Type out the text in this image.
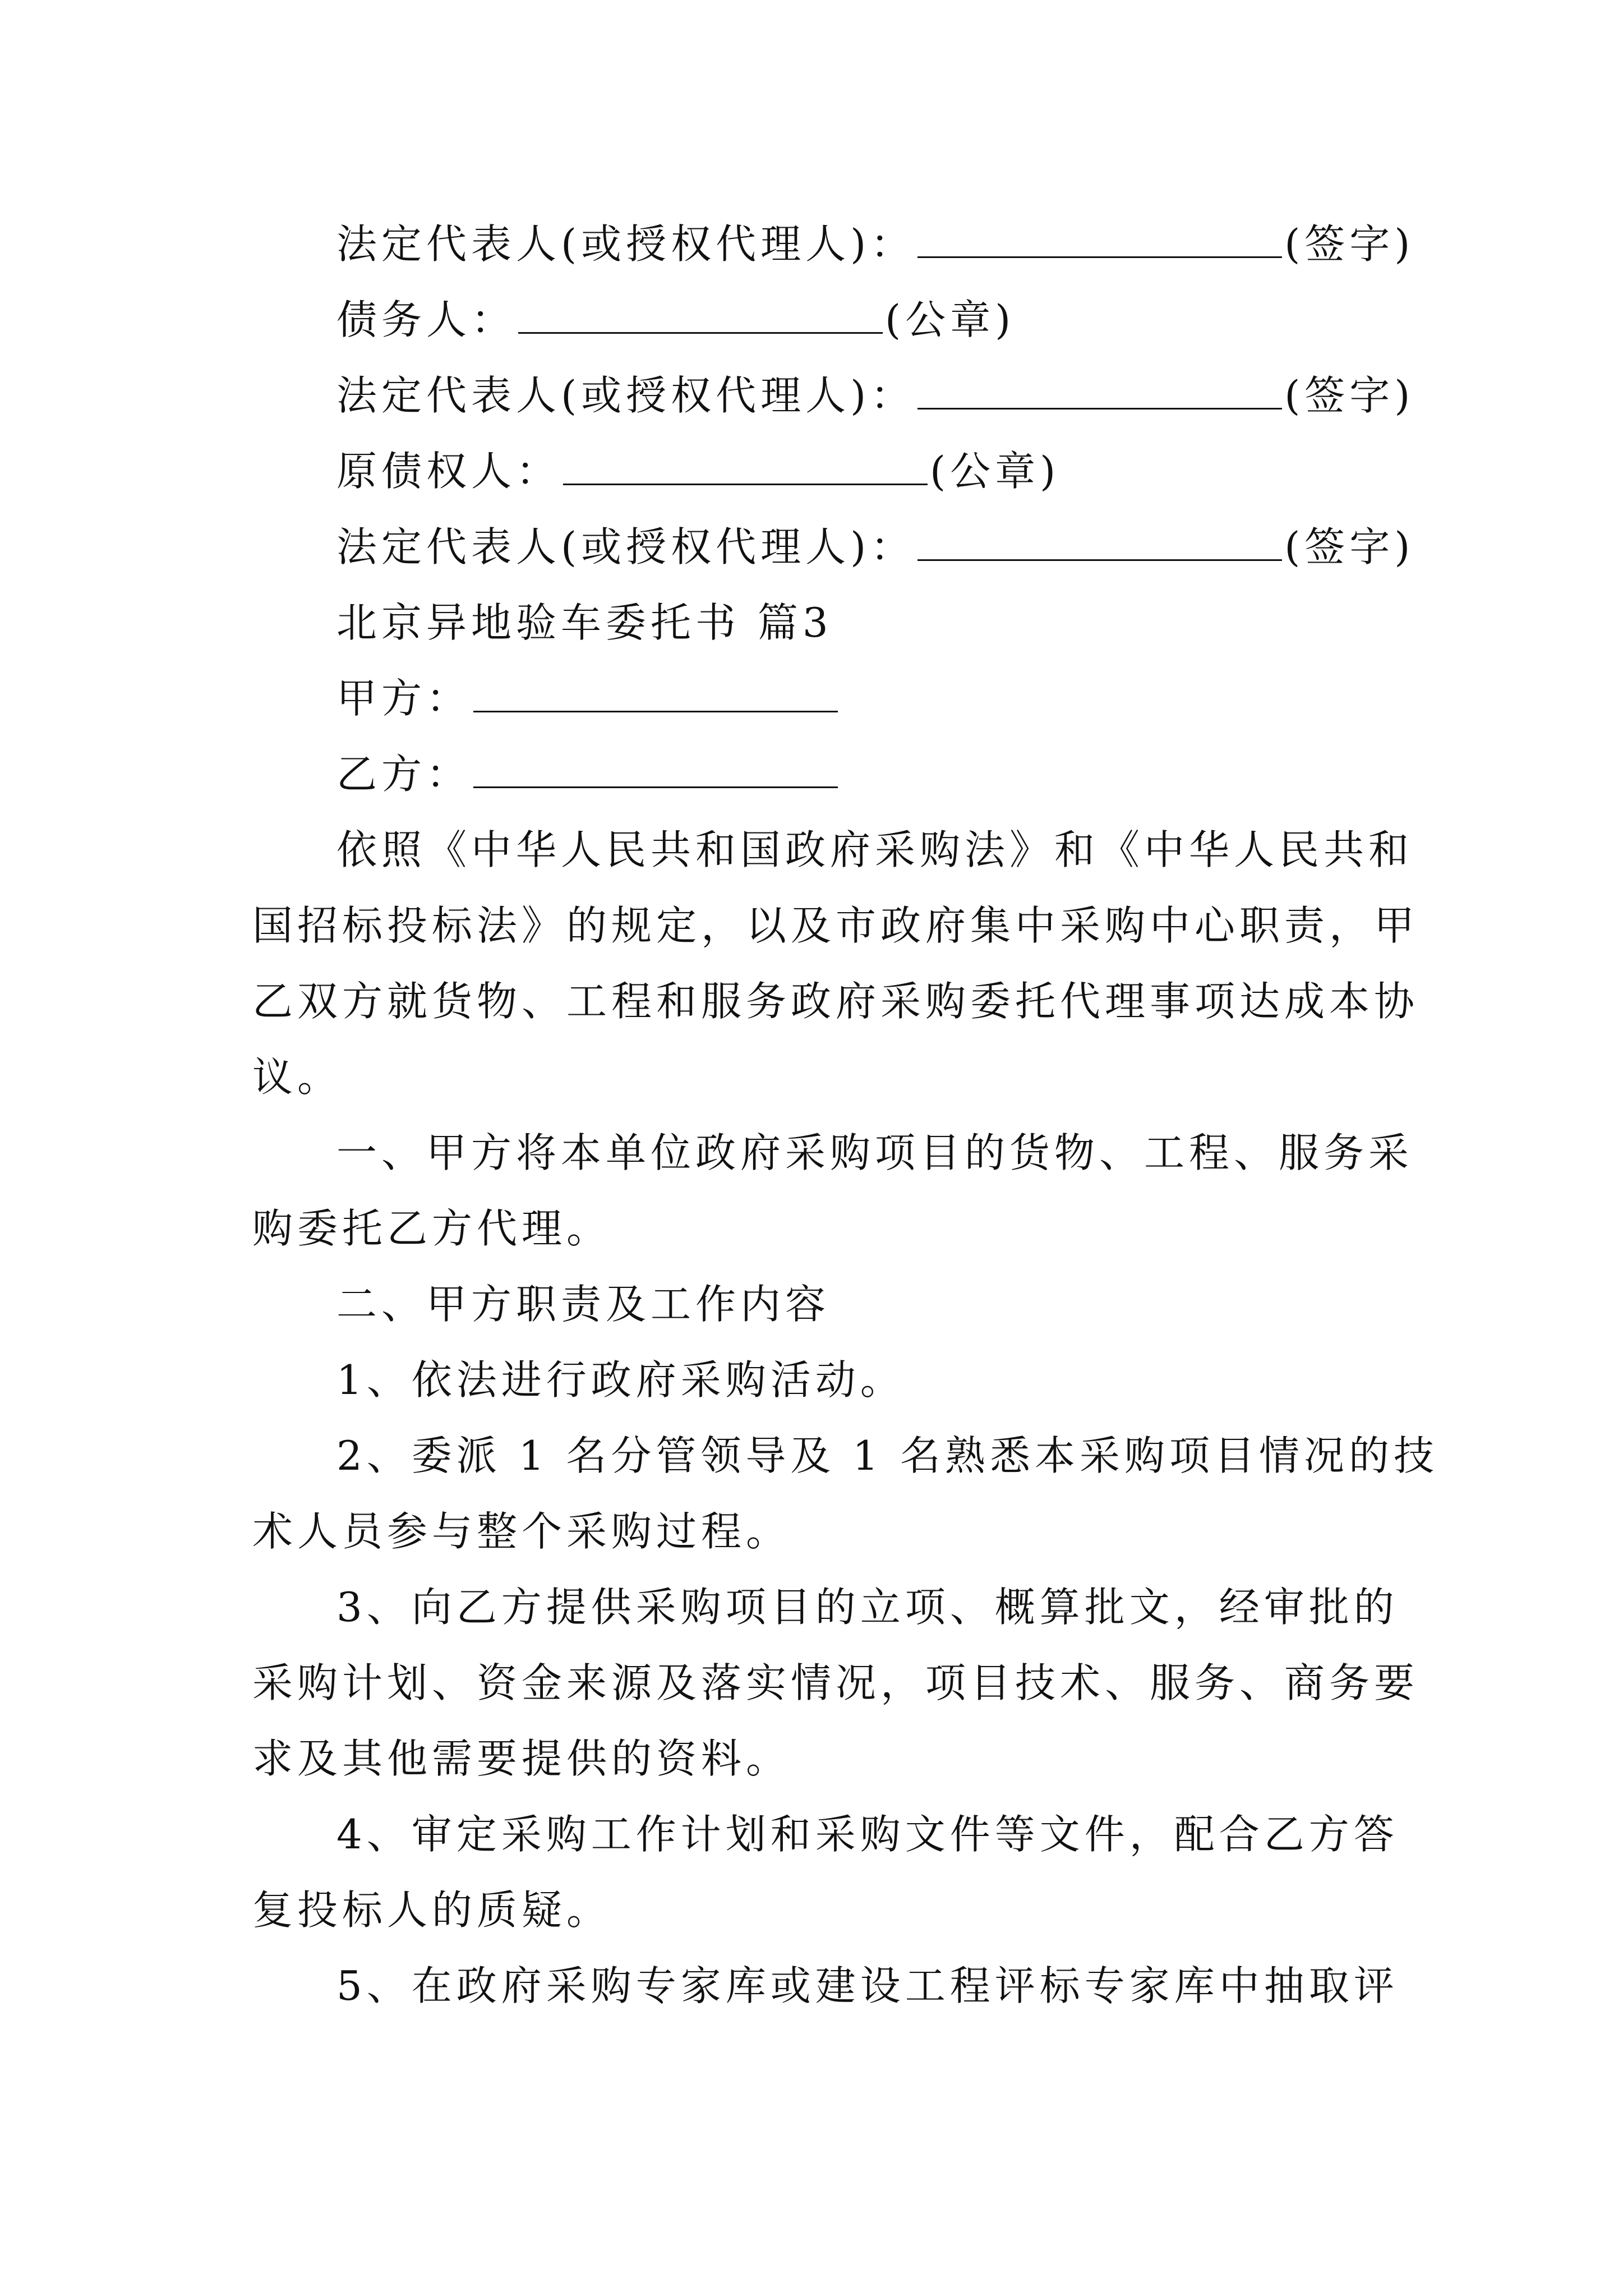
法定代表人(或授权代理人)：	(签字)
债务人：	(公章)
法定代表人(或授权代理人)：	(签字)
原债权人：	(公章)
法定代表人(或授权代理人)：	(签字)
北京异地验车委托书 篇3
甲方：
乙方：
依照《中华人民共和国政府采购法》和《中华人民共和
国招标投标法》的规定，以及市政府集中采购中心职责，甲
乙双方就货物、工程和服务政府采购委托代理事项达成本协
议。
一、甲方将本单位政府采购项目的货物、工程、服务采
购委托乙方代理。
二、甲方职责及工作内容
1、依法进行政府采购活动。
2、委派 1 名分管领导及 1 名熟悉本采购项目情况的技
术人员参与整个采购过程。
3、向乙方提供采购项目的立项、概算批文，经审批的
采购计划、资金来源及落实情况，项目技术、服务、商务要
求及其他需要提供的资料。
4、审定采购工作计划和采购文件等文件，配合乙方答
复投标人的质疑。
5、在政府采购专家库或建设工程评标专家库中抽取评
